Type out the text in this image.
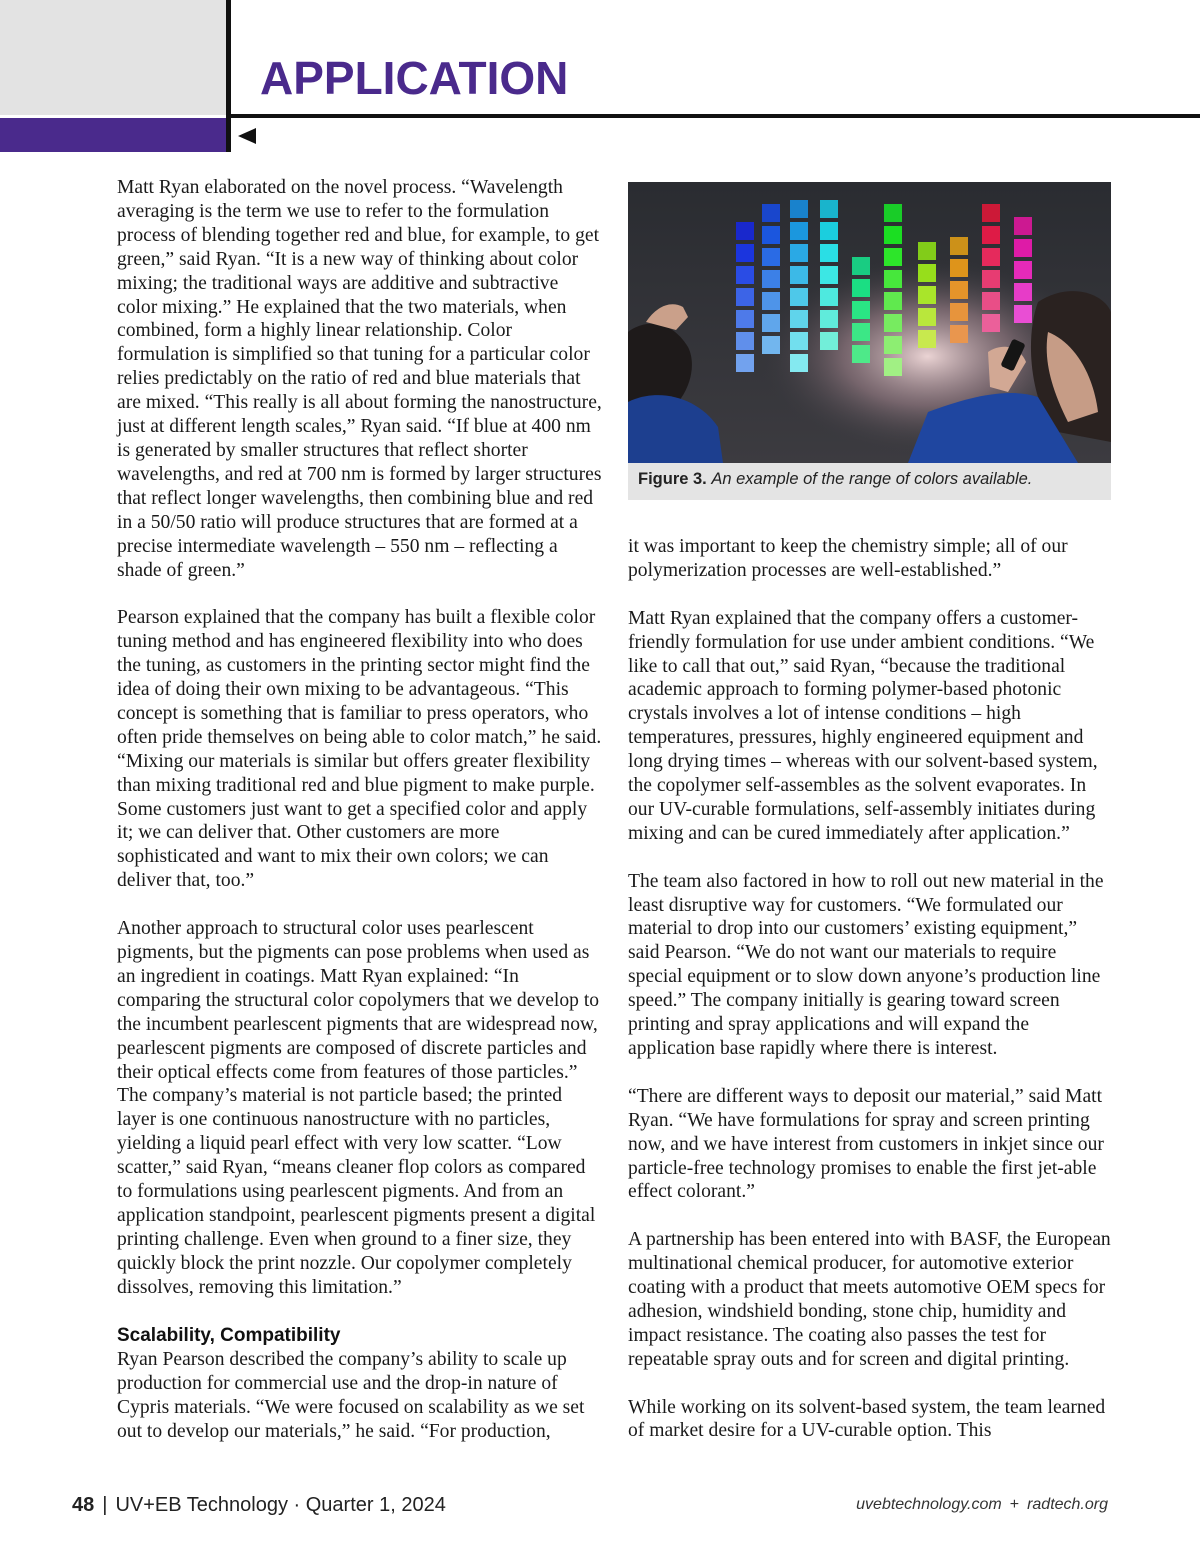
APPLICATION

Matt Ryan elaborated on the novel process. “Wavelength averaging is the term we use to refer to the formulation process of blending together red and blue, for example, to get green,” said Ryan. “It is a new way of thinking about color mixing; the traditional ways are additive and subtractive color mixing.” He explained that the two materials, when combined, form a highly linear relationship. Color formulation is simplified so that tuning for a particular color relies predictably on the ratio of red and blue materials that are mixed. “This really is all about forming the nanostructure, just at different length scales,” Ryan said. “If blue at 400 nm is generated by smaller structures that reflect shorter wavelengths, and red at 700 nm is formed by larger structures that reflect longer wavelengths, then combining blue and red in a 50/50 ratio will produce structures that are formed at a precise intermediate wavelength – 550 nm – reflecting a shade of green.”

Pearson explained that the company has built a flexible color tuning method and has engineered flexibility into who does the tuning, as customers in the printing sector might find the idea of doing their own mixing to be advantageous. “This concept is something that is familiar to press operators, who often pride themselves on being able to color match,” he said. “Mixing our materials is similar but offers greater flexibility than mixing traditional red and blue pigment to make purple. Some customers just want to get a specified color and apply it; we can deliver that. Other customers are more sophisticated and want to mix their own colors; we can deliver that, too.”

Another approach to structural color uses pearlescent pigments, but the pigments can pose problems when used as an ingredient in coatings. Matt Ryan explained: “In comparing the structural color copolymers that we develop to the incumbent pearlescent pigments that are widespread now, pearlescent pigments are composed of discrete particles and their optical effects come from features of those particles.” The company’s material is not particle based; the printed layer is one continuous nanostructure with no particles, yielding a liquid pearl effect with very low scatter. “Low scatter,” said Ryan, “means cleaner flop colors as compared to formulations using pearlescent pigments. And from an application standpoint, pearlescent pigments present a digital printing challenge. Even when ground to a finer size, they quickly block the print nozzle. Our copolymer completely dissolves, removing this limitation.”

Scalability, Compatibility

Ryan Pearson described the company’s ability to scale up production for commercial use and the drop-in nature of Cypris materials. “We were focused on scalability as we set out to develop our materials,” he said. “For production,

Figure 3. An example of the range of colors available.

it was important to keep the chemistry simple; all of our polymerization processes are well-established.”

Matt Ryan explained that the company offers a customer-friendly formulation for use under ambient conditions. “We like to call that out,” said Ryan, “because the traditional academic approach to forming polymer-based photonic crystals involves a lot of intense conditions – high temperatures, pressures, highly engineered equipment and long drying times – whereas with our solvent-based system, the copolymer self-assembles as the solvent evaporates. In our UV-curable formulations, self-assembly initiates during mixing and can be cured immediately after application.”

The team also factored in how to roll out new material in the least disruptive way for customers. “We formulated our material to drop into our customers’ existing equipment,” said Pearson. “We do not want our materials to require special equipment or to slow down anyone’s production line speed.” The company initially is gearing toward screen printing and spray applications and will expand the application base rapidly where there is interest.

“There are different ways to deposit our material,” said Matt Ryan. “We have formulations for spray and screen printing now, and we have interest from customers in inkjet since our particle-free technology promises to enable the first jet-able effect colorant.”

A partnership has been entered into with BASF, the European multinational chemical producer, for automotive exterior coating with a product that meets automotive OEM specs for adhesion, windshield bonding, stone chip, humidity and impact resistance. The coating also passes the test for repeatable spray outs and for screen and digital printing.

While working on its solvent-based system, the team learned of market desire for a UV-curable option. This

48 | UV+EB Technology · Quarter 1, 2024	uvebtechnology.com + radtech.org
